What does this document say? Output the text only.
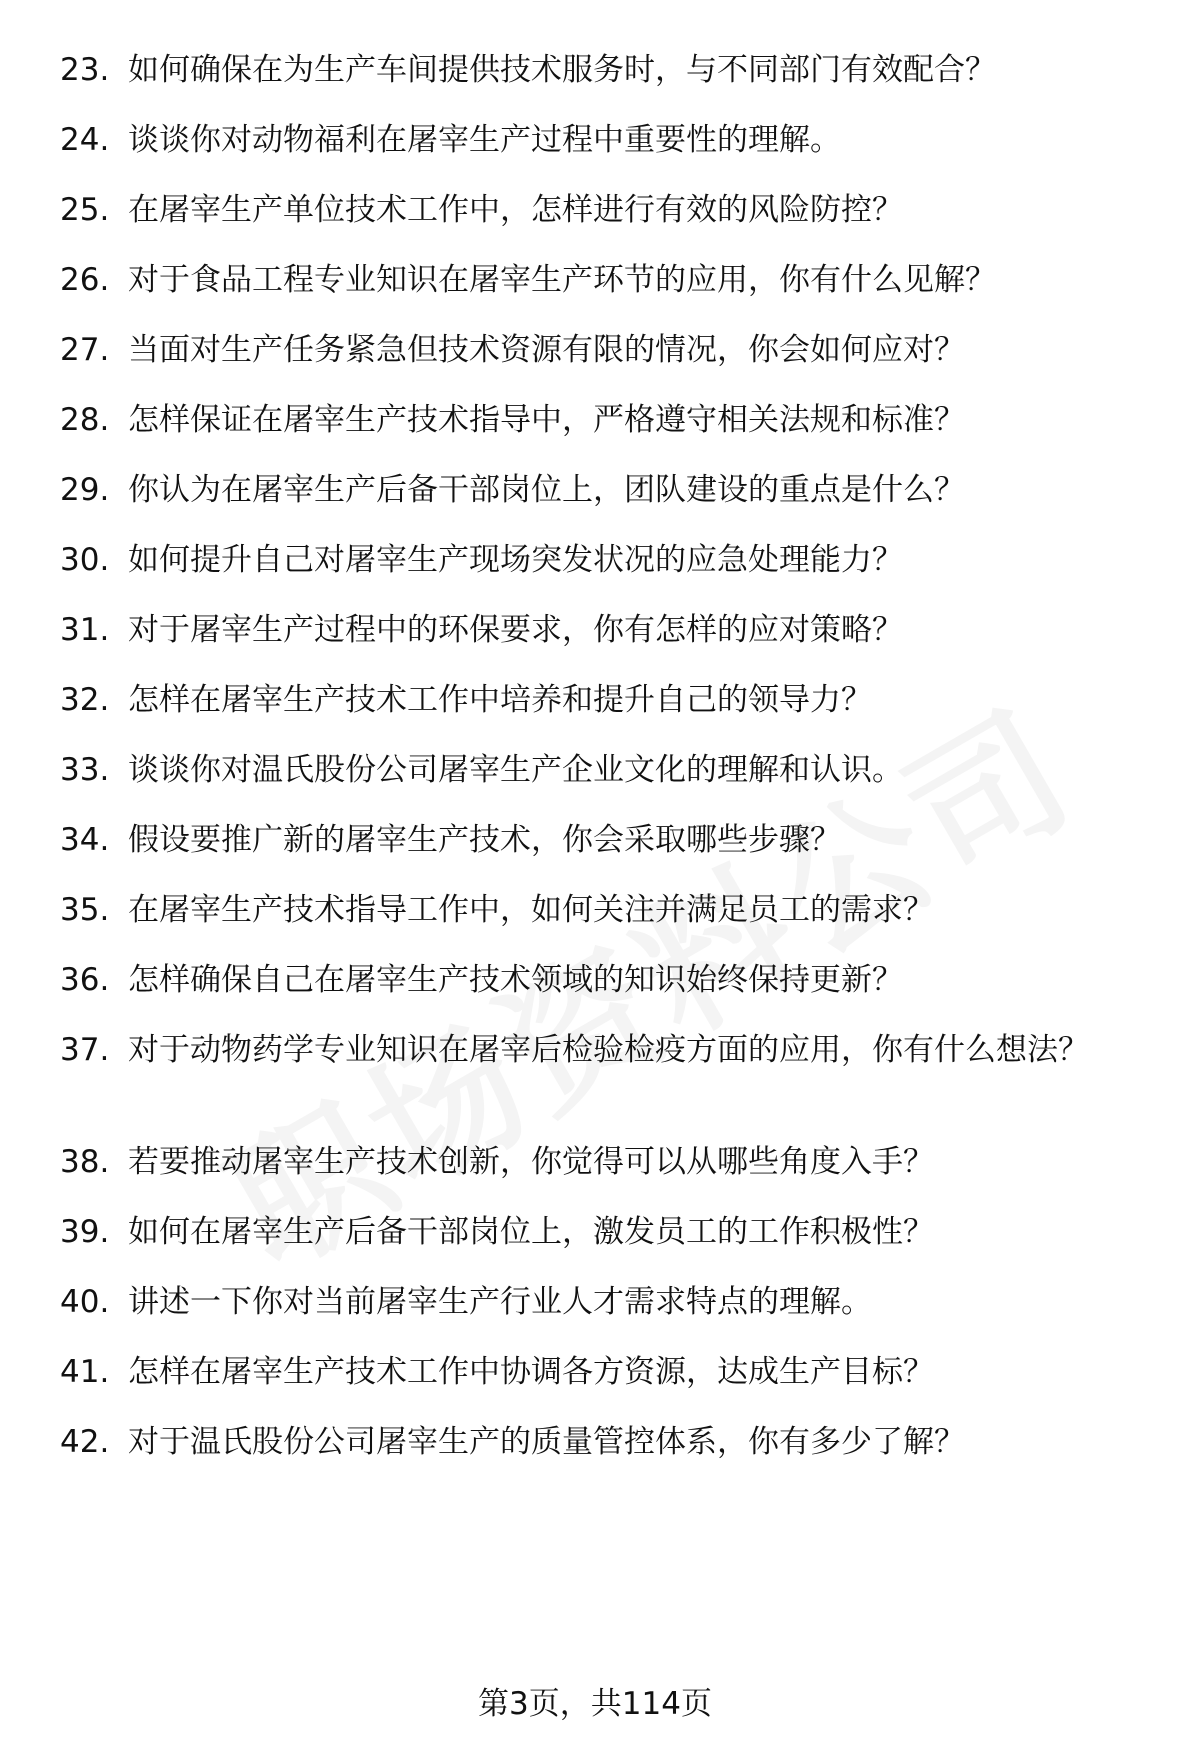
23. 如何确保在为生产车间提供技术服务时，与不同部门有效配合？
24. 谈谈你对动物福利在屠宰生产过程中重要性的理解。
25. 在屠宰生产单位技术工作中，怎样进行有效的风险防控？
26. 对于食品工程专业知识在屠宰生产环节的应用，你有什么见解？
27. 当面对生产任务紧急但技术资源有限的情况，你会如何应对？
28. 怎样保证在屠宰生产技术指导中，严格遵守相关法规和标准？
29. 你认为在屠宰生产后备干部岗位上，团队建设的重点是什么？
30. 如何提升自己对屠宰生产现场突发状况的应急处理能力？
31. 对于屠宰生产过程中的环保要求，你有怎样的应对策略？
32. 怎样在屠宰生产技术工作中培养和提升自己的领导力？
33. 谈谈你对温氏股份公司屠宰生产企业文化的理解和认识。
34. 假设要推广新的屠宰生产技术，你会采取哪些步骤？
35. 在屠宰生产技术指导工作中，如何关注并满足员工的需求？
36. 怎样确保自己在屠宰生产技术领域的知识始终保持更新？
37. 对于动物药学专业知识在屠宰后检验检疫方面的应用，你有什么想法？
38. 若要推动屠宰生产技术创新，你觉得可以从哪些角度入手？
39. 如何在屠宰生产后备干部岗位上，激发员工的工作积极性？
40. 讲述一下你对当前屠宰生产行业人才需求特点的理解。
41. 怎样在屠宰生产技术工作中协调各方资源，达成生产目标？
42. 对于温氏股份公司屠宰生产的质量管控体系，你有多少了解？
第3页，共114页
